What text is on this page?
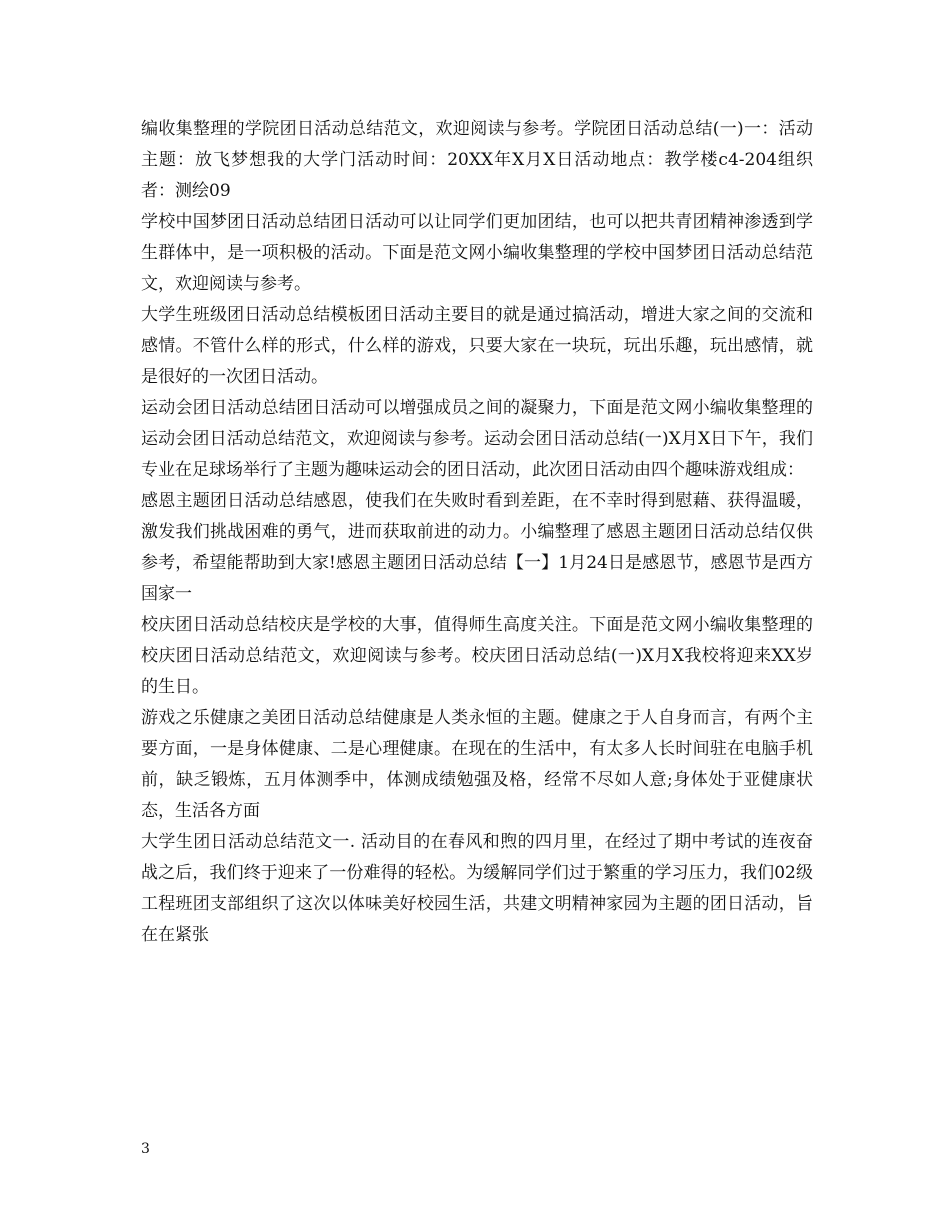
编收集整理的学院团日活动总结范文，欢迎阅读与参考。学院团日活动总结(一)一：活动主题：放飞梦想我的大学门活动时间：20XX年X月X日活动地点：教学楼c4-204组织者：测绘09

学校中国梦团日活动总结团日活动可以让同学们更加团结，也可以把共青团精神渗透到学生群体中，是一项积极的活动。下面是范文网小编收集整理的学校中国梦团日活动总结范文，欢迎阅读与参考。

大学生班级团日活动总结模板团日活动主要目的就是通过搞活动，增进大家之间的交流和感情。不管什么样的形式，什么样的游戏，只要大家在一块玩，玩出乐趣，玩出感情，就是很好的一次团日活动。

运动会团日活动总结团日活动可以增强成员之间的凝聚力，下面是范文网小编收集整理的运动会团日活动总结范文，欢迎阅读与参考。运动会团日活动总结(一)X月X日下午，我们专业在足球场举行了主题为趣味运动会的团日活动，此次团日活动由四个趣味游戏组成：

感恩主题团日活动总结感恩，使我们在失败时看到差距，在不幸时得到慰藉、获得温暖，激发我们挑战困难的勇气，进而获取前进的动力。小编整理了感恩主题团日活动总结仅供参考，希望能帮助到大家!感恩主题团日活动总结【一】1月24日是感恩节，感恩节是西方国家一

校庆团日活动总结校庆是学校的大事，值得师生高度关注。下面是范文网小编收集整理的校庆团日活动总结范文，欢迎阅读与参考。校庆团日活动总结(一)X月X我校将迎来XX岁的生日。

游戏之乐健康之美团日活动总结健康是人类永恒的主题。健康之于人自身而言，有两个主要方面，一是身体健康、二是心理健康。在现在的生活中，有太多人长时间驻在电脑手机前，缺乏锻炼，五月体测季中，体测成绩勉强及格，经常不尽如人意;身体处于亚健康状态，生活各方面

大学生团日活动总结范文一. 活动目的在春风和煦的四月里，在经过了期中考试的连夜奋战之后，我们终于迎来了一份难得的轻松。为缓解同学们过于繁重的学习压力，我们02级工程班团支部组织了这次以体味美好校园生活，共建文明精神家园为主题的团日活动，旨在在紧张

3
